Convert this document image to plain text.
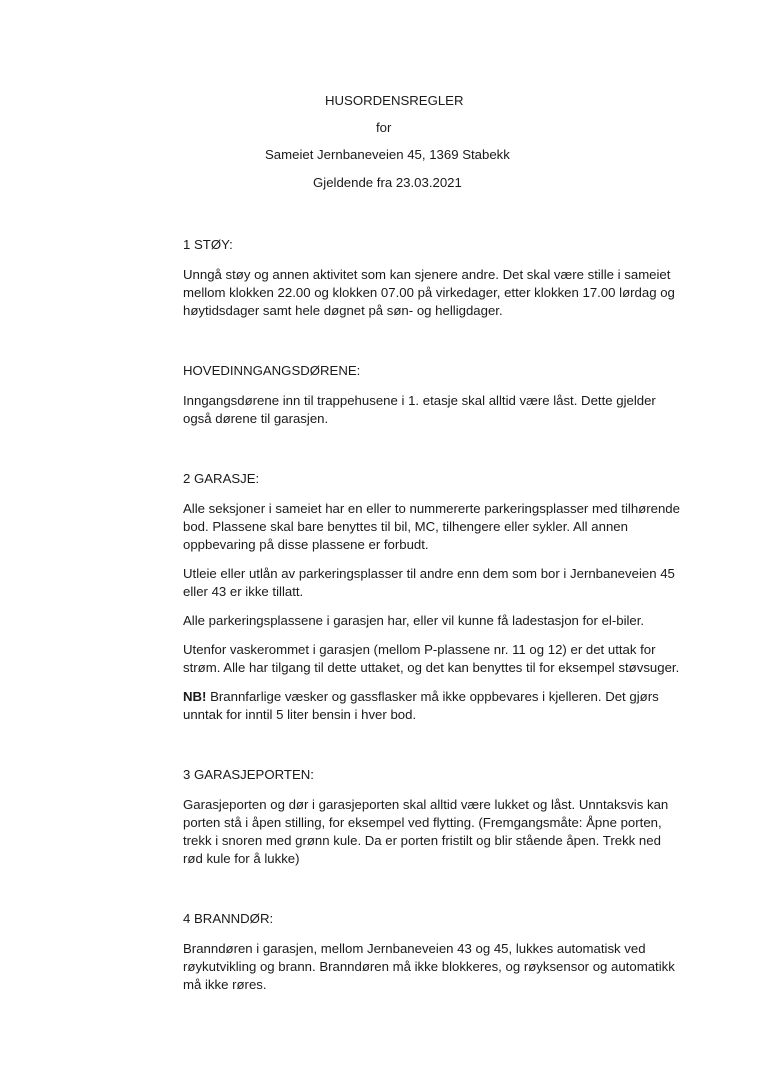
HUSORDENSREGLER
for
Sameiet Jernbaneveien 45, 1369 Stabekk
Gjeldende fra 23.03.2021

1 STØY:

Unngå støy og annen aktivitet som kan sjenere andre. Det skal være stille i sameiet mellom klokken 22.00 og klokken 07.00 på virkedager, etter klokken 17.00 lørdag og høytidsdager samt hele døgnet på søn- og helligdager.

HOVEDINNGANGSDØRENE:

Inngangsdørene inn til trappehusene i 1. etasje skal alltid være låst. Dette gjelder også dørene til garasjen.

2 GARASJE:

Alle seksjoner i sameiet har en eller to nummererte parkeringsplasser med tilhørende bod. Plassene skal bare benyttes til bil, MC, tilhengere eller sykler. All annen oppbevaring på disse plassene er forbudt.

Utleie eller utlån av parkeringsplasser til andre enn dem som bor i Jernbaneveien 45 eller 43 er ikke tillatt.

Alle parkeringsplassene i garasjen har, eller vil kunne få ladestasjon for el-biler.

Utenfor vaskerommet i garasjen (mellom P-plassene nr. 11 og 12) er det uttak for strøm. Alle har tilgang til dette uttaket, og det kan benyttes til for eksempel støvsuger.

NB! Brannfarlige væsker og gassflasker må ikke oppbevares i kjelleren. Det gjørs unntak for inntil 5 liter bensin i hver bod.

3 GARASJEPORTEN:

Garasjeporten og dør i garasjeporten skal alltid være lukket og låst. Unntaksvis kan porten stå i åpen stilling, for eksempel ved flytting. (Fremgangsmåte: Åpne porten, trekk i snoren med grønn kule. Da er porten fristilt og blir stående åpen. Trekk ned rød kule for å lukke)

4 BRANNDØR:

Branndøren i garasjen, mellom Jernbaneveien 43 og 45, lukkes automatisk ved røykutvikling og brann. Branndøren må ikke blokkeres, og røyksensor og automatikk må ikke røres.
